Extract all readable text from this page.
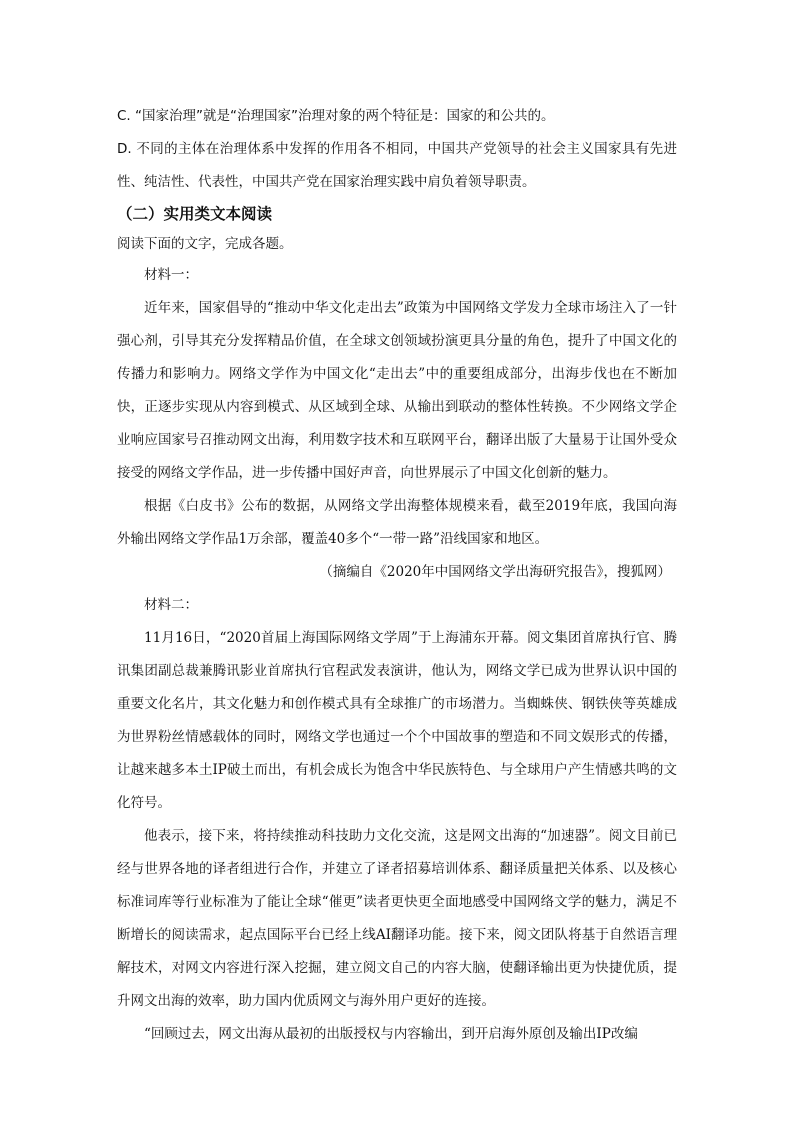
C. “国家治理”就是“治理国家”治理对象的两个特征是：国家的和公共的。

D. 不同的主体在治理体系中发挥的作用各不相同，中国共产党领导的社会主义国家具有先进性、纯洁性、代表性，中国共产党在国家治理实践中肩负着领导职责。

（二）实用类文本阅读

阅读下面的文字，完成各题。

材料一：

近年来，国家倡导的“推动中华文化走出去”政策为中国网络文学发力全球市场注入了一针强心剂，引导其充分发挥精品价值，在全球文创领域扮演更具分量的角色，提升了中国文化的传播力和影响力。网络文学作为中国文化“走出去”中的重要组成部分，出海步伐也在不断加快，正逐步实现从内容到模式、从区域到全球、从输出到联动的整体性转换。不少网络文学企业响应国家号召推动网文出海，利用数字技术和互联网平台，翻译出版了大量易于让国外受众接受的网络文学作品，进一步传播中国好声音，向世界展示了中国文化创新的魅力。

根据《白皮书》公布的数据，从网络文学出海整体规模来看，截至2019年底，我国向海外输出网络文学作品1万余部，覆盖40多个“一带一路”沿线国家和地区。

（摘编自《2020年中国网络文学出海研究报告》，搜狐网）

材料二：

11月16日，“2020首届上海国际网络文学周”于上海浦东开幕。阅文集团首席执行官、腾讯集团副总裁兼腾讯影业首席执行官程武发表演讲，他认为，网络文学已成为世界认识中国的重要文化名片，其文化魅力和创作模式具有全球推广的市场潜力。当蜘蛛侠、钢铁侠等英雄成为世界粉丝情感载体的同时，网络文学也通过一个个中国故事的塑造和不同文娱形式的传播，让越来越多本土IP破土而出，有机会成长为饱含中华民族特色、与全球用户产生情感共鸣的文化符号。

他表示，接下来，将持续推动科技助力文化交流，这是网文出海的“加速器”。阅文目前已经与世界各地的译者组进行合作，并建立了译者招募培训体系、翻译质量把关体系、以及核心标准词库等行业标准为了能让全球“催更”读者更快更全面地感受中国网络文学的魅力，满足不断增长的阅读需求，起点国际平台已经上线AI翻译功能。接下来，阅文团队将基于自然语言理解技术，对网文内容进行深入挖掘，建立阅文自己的内容大脑，使翻译输出更为快捷优质，提升网文出海的效率，助力国内优质网文与海外用户更好的连接。

“回顾过去，网文出海从最初的出版授权与内容输出，到开启海外原创及输出IP改编
